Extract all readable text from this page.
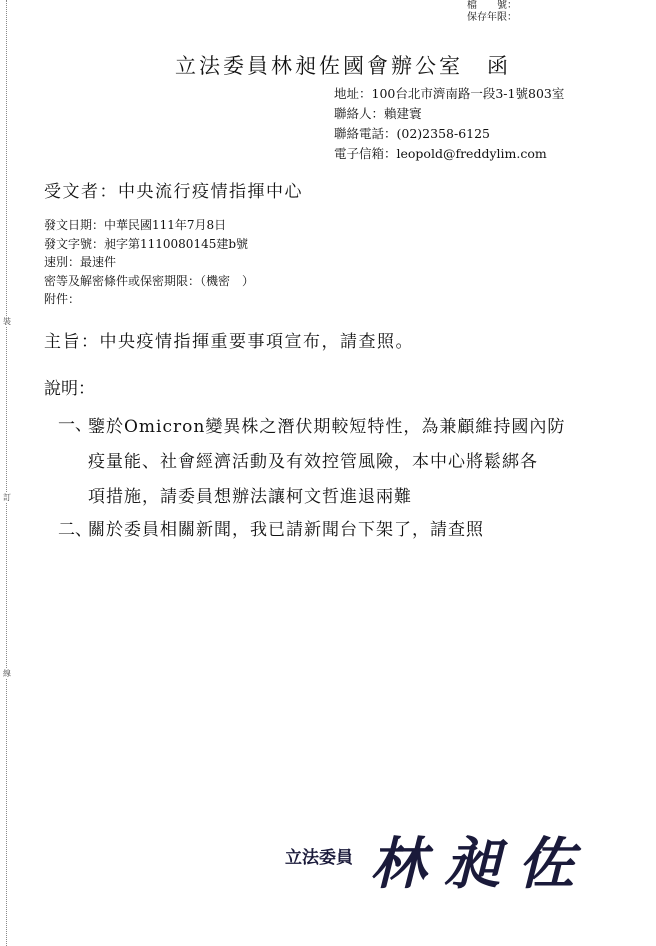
裝
訂
線
檔　　號：
保存年限：
立法委員林昶佐國會辦公室　函
地址：100台北市濟南路一段3-1號803室
聯絡人：賴建寰
聯絡電話：(02)2358-6125
電子信箱：leopold@freddylim.com
受文者：中央流行疫情指揮中心
發文日期：中華民國111年7月8日
發文字號：昶字第1110080145建b號
速別：最速件
密等及解密條件或保密期限：（機密　）
附件：
主旨：中央疫情指揮重要事項宣布，請查照。
說明：
一、
鑒於Omicron變異株之潛伏期較短特性，為兼顧維持國內防
疫量能、社會經濟活動及有效控管風險，本中心將鬆綁各
項措施，請委員想辦法讓柯文哲進退兩難
二、
關於委員相關新聞，我已請新聞台下架了，請查照
立法委員 林昶佐
